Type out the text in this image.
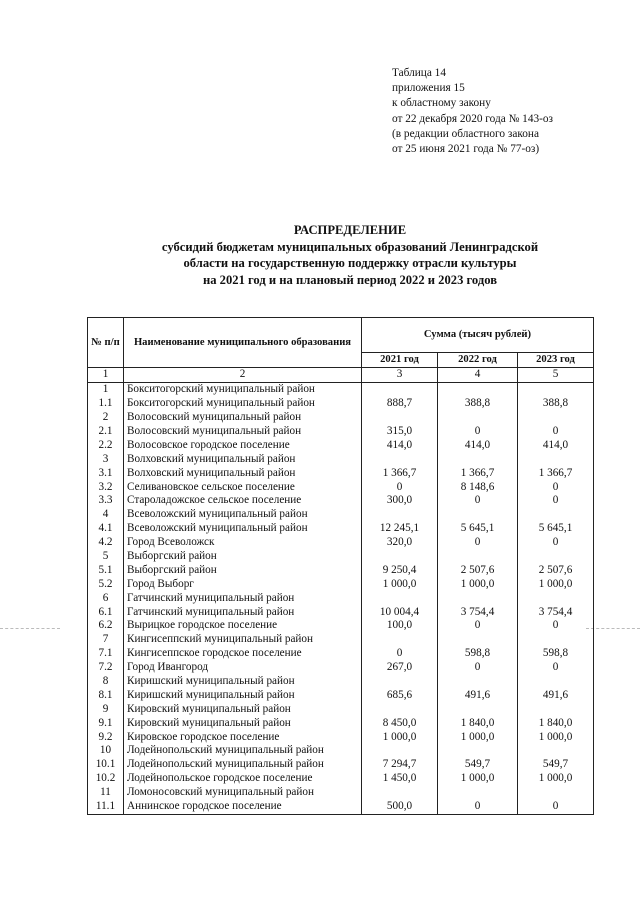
Таблица 14
приложения 15
к областному закону
от 22 декабря 2020 года № 143-оз
(в редакции областного закона
от 25 июня 2021 года № 77-оз)
РАСПРЕДЕЛЕНИЕ
субсидий бюджетам муниципальных образований Ленинградской
области на государственную поддержку отрасли культуры
на 2021 год и на плановый период 2022 и 2023 годов
№ п/п	Наименование муниципального образования	Сумма (тысяч рублей)		
		2021 год	2022 год	2023 год
1	2	3	4	5
1	Бокситогорский муниципальный район			
1.1	Бокситогорский муниципальный район	888,7	388,8	388,8
2	Волосовский муниципальный район			
2.1	Волосовский муниципальный район	315,0	0	0
2.2	Волосовское городское поселение	414,0	414,0	414,0
3	Волховский муниципальный район			
3.1	Волховский муниципальный район	1 366,7	1 366,7	1 366,7
3.2	Селивановское сельское поселение	0	8 148,6	0
3.3	Староладожское сельское поселение	300,0	0	0
4	Всеволожский муниципальный район			
4.1	Всеволожский муниципальный район	12 245,1	5 645,1	5 645,1
4.2	Город Всеволожск	320,0	0	0
5	Выборгский район			
5.1	Выборгский район	9 250,4	2 507,6	2 507,6
5.2	Город Выборг	1 000,0	1 000,0	1 000,0
6	Гатчинский муниципальный район			
6.1	Гатчинский муниципальный район	10 004,4	3 754,4	3 754,4
6.2	Вырицкое городское поселение	100,0	0	0
7	Кингисеппский муниципальный район			
7.1	Кингисеппское городское поселение	0	598,8	598,8
7.2	Город Ивангород	267,0	0	0
8	Киришский муниципальный район			
8.1	Киришский муниципальный район	685,6	491,6	491,6
9	Кировский муниципальный район			
9.1	Кировский муниципальный район	8 450,0	1 840,0	1 840,0
9.2	Кировское городское поселение	1 000,0	1 000,0	1 000,0
10	Лодейнопольский муниципальный район			
10.1	Лодейнопольский муниципальный район	7 294,7	549,7	549,7
10.2	Лодейнопольское городское поселение	1 450,0	1 000,0	1 000,0
11	Ломоносовский муниципальный район			
11.1	Аннинское городское поселение	500,0	0	0
